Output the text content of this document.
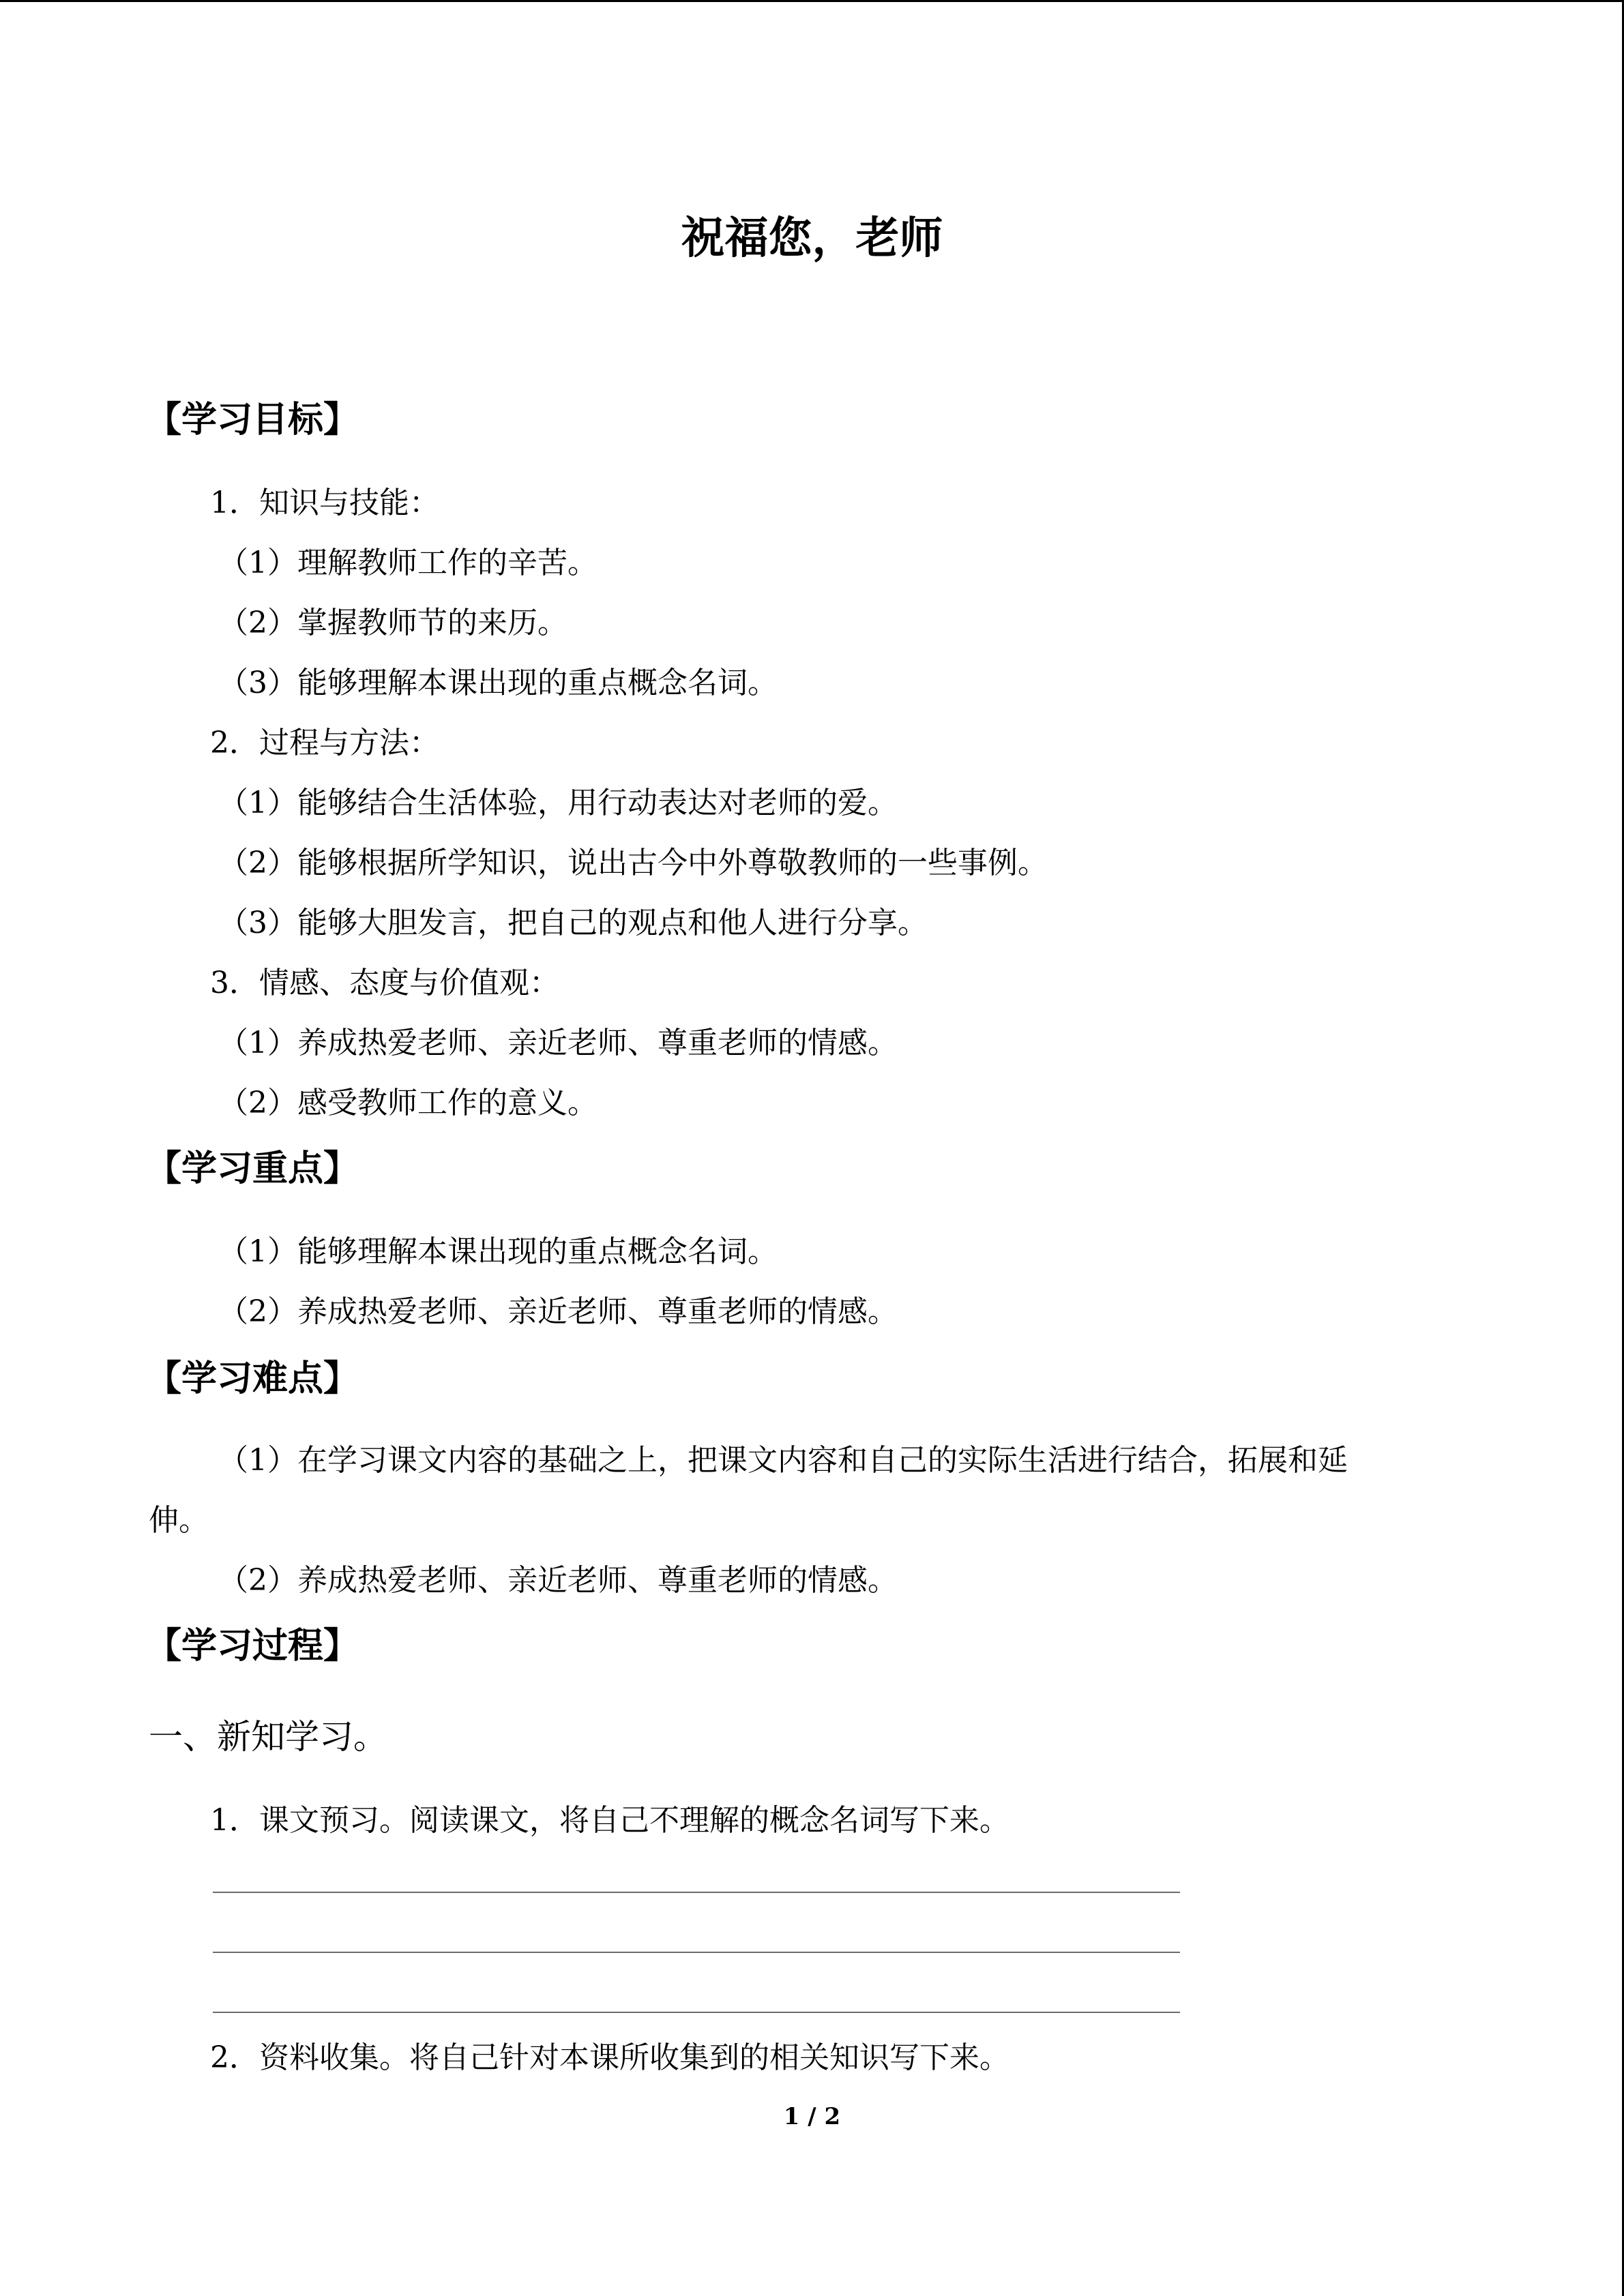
祝福您，老师
【学习目标】
1．知识与技能：
（1）理解教师工作的辛苦。
（2）掌握教师节的来历。
（3）能够理解本课出现的重点概念名词。
2．过程与方法：
（1）能够结合生活体验，用行动表达对老师的爱。
（2）能够根据所学知识，说出古今中外尊敬教师的一些事例。
（3）能够大胆发言，把自己的观点和他人进行分享。
3．情感、态度与价值观：
（1）养成热爱老师、亲近老师、尊重老师的情感。
（2）感受教师工作的意义。
【学习重点】
（1）能够理解本课出现的重点概念名词。
（2）养成热爱老师、亲近老师、尊重老师的情感。
【学习难点】
（1）在学习课文内容的基础之上，把课文内容和自己的实际生活进行结合，拓展和延
伸。
（2）养成热爱老师、亲近老师、尊重老师的情感。
【学习过程】
一、新知学习。
1．课文预习。阅读课文，将自己不理解的概念名词写下来。
2．资料收集。将自己针对本课所收集到的相关知识写下来。
1 / 2
